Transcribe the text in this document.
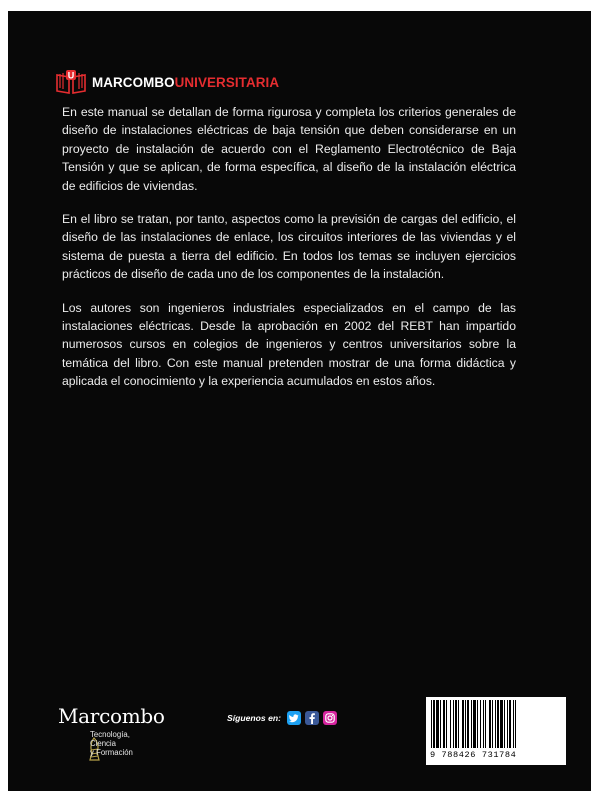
U MARCOMBOUNIVERSITARIA

En este manual se detallan de forma rigurosa y completa los criterios generales de diseño de instalaciones eléctricas de baja tensión que deben considerarse en un proyecto de instalación de acuerdo con el Reglamento Electrotécnico de Baja Tensión y que se aplican, de forma específica, al diseño de la instalación eléctrica de edificios de viviendas.

En el libro se tratan, por tanto, aspectos como la previsión de cargas del edificio, el diseño de las instalaciones de enlace, los circuitos interiores de las viviendas y el sistema de puesta a tierra del edificio. En todos los temas se incluyen ejercicios prácticos de diseño de cada uno de los componentes de la instalación.

Los autores son ingenieros industriales especializados en el campo de las instalaciones eléctricas. Desde la aprobación en 2002 del REBT han impartido numerosos cursos en colegios de ingenieros y centros universitarios sobre la temática del libro. Con este manual pretenden mostrar de una forma didáctica y aplicada el conocimiento y la experiencia acumulados en estos años.

Marcombo
Tecnología,
Ciencia
y Formación
Síguenos en:
9 788426 731784
